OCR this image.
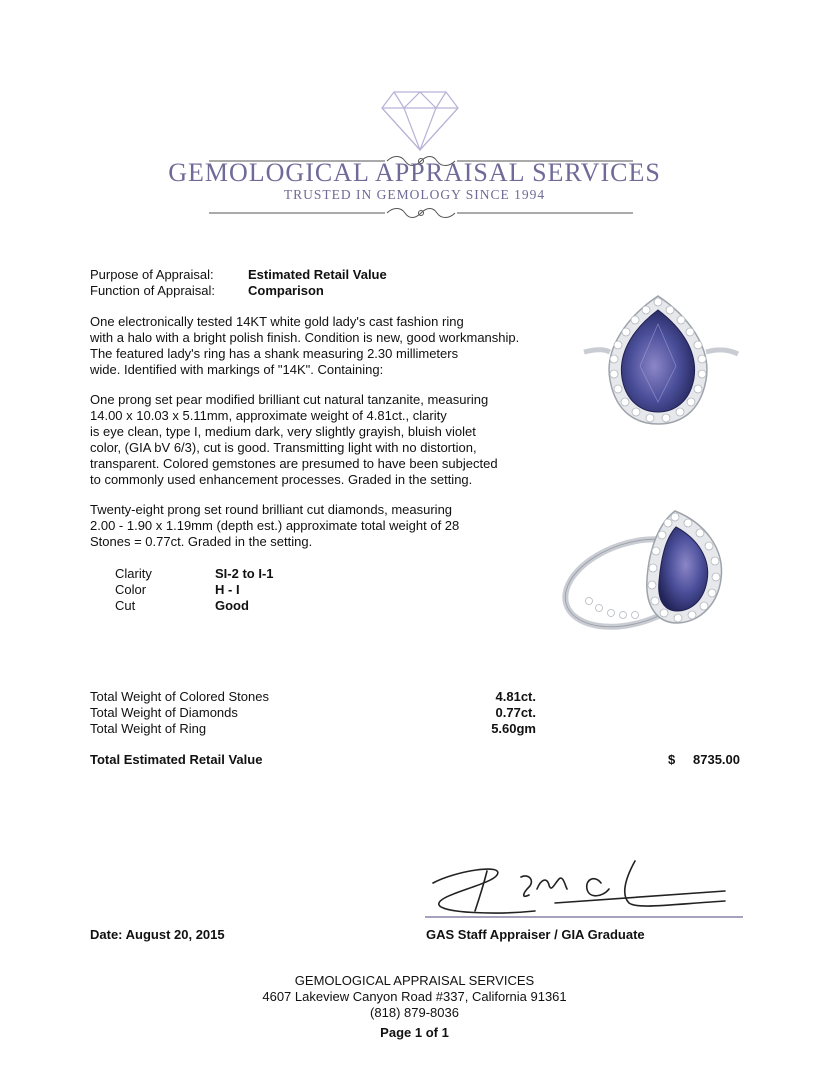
GEMOLOGICAL APPRAISAL SERVICES
TRUSTED IN GEMOLOGY SINCE 1994
Purpose of Appraisal:	Estimated Retail Value
Function of Appraisal:	Comparison
One electronically tested 14KT white gold lady's cast fashion ring
with a halo with a bright polish finish. Condition is new, good workmanship.
The featured lady's ring has a shank measuring 2.30 millimeters
wide. Identified with markings of "14K". Containing:
One prong set pear modified brilliant cut natural tanzanite, measuring
14.00 x 10.03 x 5.11mm, approximate weight of 4.81ct., clarity
is eye clean, type I, medium dark, very slightly grayish, bluish violet
color, (GIA bV 6/3), cut is good. Transmitting light with no distortion,
transparent. Colored gemstones are presumed to have been subjected
to commonly used enhancement processes. Graded in the setting.
Twenty-eight prong set round brilliant cut diamonds, measuring
2.00 - 1.90 x 1.19mm (depth est.) approximate total weight of 28
Stones = 0.77ct. Graded in the setting.
Clarity	SI-2 to I-1
Color	H - I
Cut	Good
Total Weight of Colored Stones	4.81ct.
Total Weight of Diamonds	0.77ct.
Total Weight of Ring	5.60gm
Total Estimated Retail Value	$	8735.00
Date: August 20, 2015	GAS Staff Appraiser / GIA Graduate
GEMOLOGICAL APPRAISAL SERVICES
4607 Lakeview Canyon Road #337, California 91361
(818) 879-8036
Page 1 of 1
